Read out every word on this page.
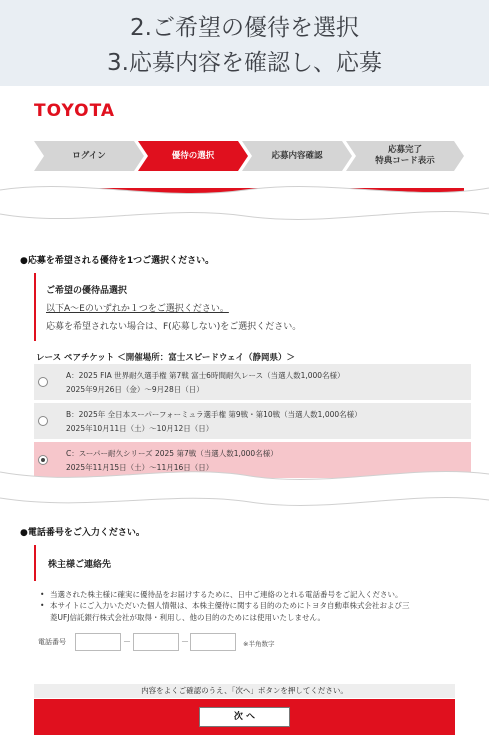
2.ご希望の優待を選択
3.応募内容を確認し、応募
TOYOTA
ログイン	優待の選択	応募内容確認
応募完了
特典コード表示
●応募を希望される優待を1つご選択ください。
ご希望の優待品選択
以下A～Eのいずれか１つをご選択ください。
応募を希望されない場合は、F(応募しない)をご選択ください。
レース ペアチケット ＜開催場所：富士スピードウェイ（静岡県）＞
A：2025 FIA 世界耐久選手権 第7戦 富士6時間耐久レース（当選人数1,000名様）
2025年9月26日（金）～9月28日（日）
B：2025年 全日本スーパーフォーミュラ選手権 第9戦・第10戦（当選人数1,000名様）
2025年10月11日（土）～10月12日（日）
C：スーパー耐久シリーズ 2025 第7戦（当選人数1,000名様）
2025年11月15日（土）～11月16日（日）
●電話番号をご入力ください。
株主様ご連絡先
• 当選された株主様に確実に優待品をお届けするために、日中ご連絡のとれる電話番号をご記入ください。
• 本サイトにご入力いただいた個人情報は、本株主優待に関する目的のためにトヨタ自動車株式会社および三
菱UFJ信託銀行株式会社が取得・利用し、他の目的のためには使用いたしません。
電話番号	－	－	※半角数字
内容をよくご確認のうえ、「次へ」ボタンを押してください。
次 へ
